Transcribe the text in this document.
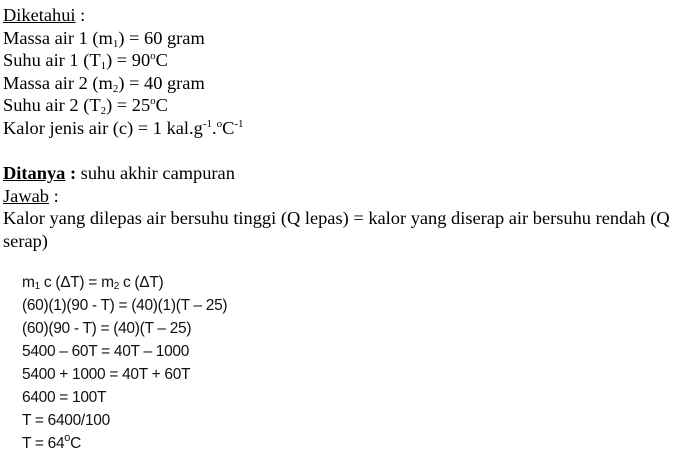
Diketahui :
Massa air 1 $(m_1) = 60$ gram
Suhu air 1 $(T_1) = 90^oC$
Massa air 2 $(m_2) = 40$ gram
Suhu air 2 $(T_2) = 25^oC$
Kalor jenis air (c) = 1 $kal.g^{-1}.^oC^{-1}$
Ditanya : suhu akhir campuran
Jawab :
Kalor yang dilepas air bersuhu tinggi (Q lepas) = kalor yang diserap air bersuhu rendah (Q serap)
$m_1$ c $(\Delta T) = m_2$ c (ΔT)
(60)(1)(90 - T) = (40)(1)(T – 25)
(60)(90 - T) = (40)(T – 25)
5400 – 60T = 40T – 1000
5400 + 1000 = 40T + 60T
6400 = 100T
T = 6400/100
$T = 64^oC$
